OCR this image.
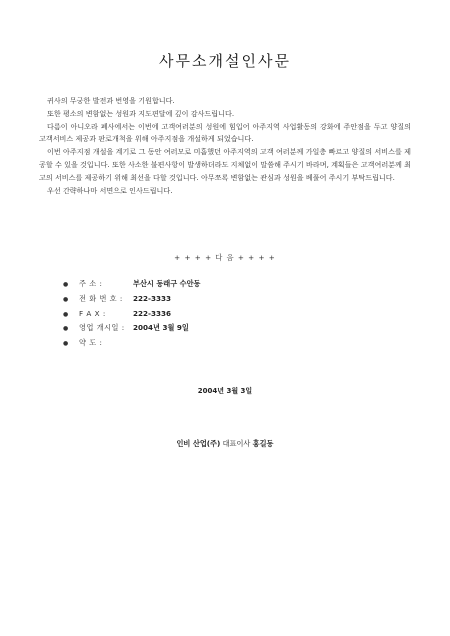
사무소개설인사문

귀사의 무궁한 발전과 번영을 기원합니다.

또한 평소의 변함없는 성원과 지도편달에 깊이 감사드립니다.

다름이 아니오라 폐사에서는 이번에 고객여러분의 성원에 힘입어 아주지역 사업활동의 강화에 주안점을 두고 양질의 고객서비스 제공과 판로개척을 위해 아주지점을 개설하게 되었습니다.

이번 아주지점 개설을 계기로 그 동안 여러모로 미흡했던 아주지역의 고객 여러분께 가일층 빠르고 양질의 서비스를 제공할 수 있을 것입니다. 또한 사소한 불편사항이 발생하더라도 지체없이 말씀해 주시기 바라며, 계획들은 고객여러분께 최고의 서비스를 제공하기 위해 최선을 다할 것입니다. 아무쪼록 변함없는 관심과 성원을 베풀어 주시기 부탁드립니다.

우선 간략하나마 서면으로 인사드립니다.

+ + + + 다 음 + + + +
● 주 소 :	부산시 동래구 수안동
● 전 화 번 호 : 222-3333
● F A X :	222-3336
● 영업 개시일 : 2004년 3월 9일
● 약 도 :
2004년 3월 3일
인비 산업(주) 대표이사 홍길동
